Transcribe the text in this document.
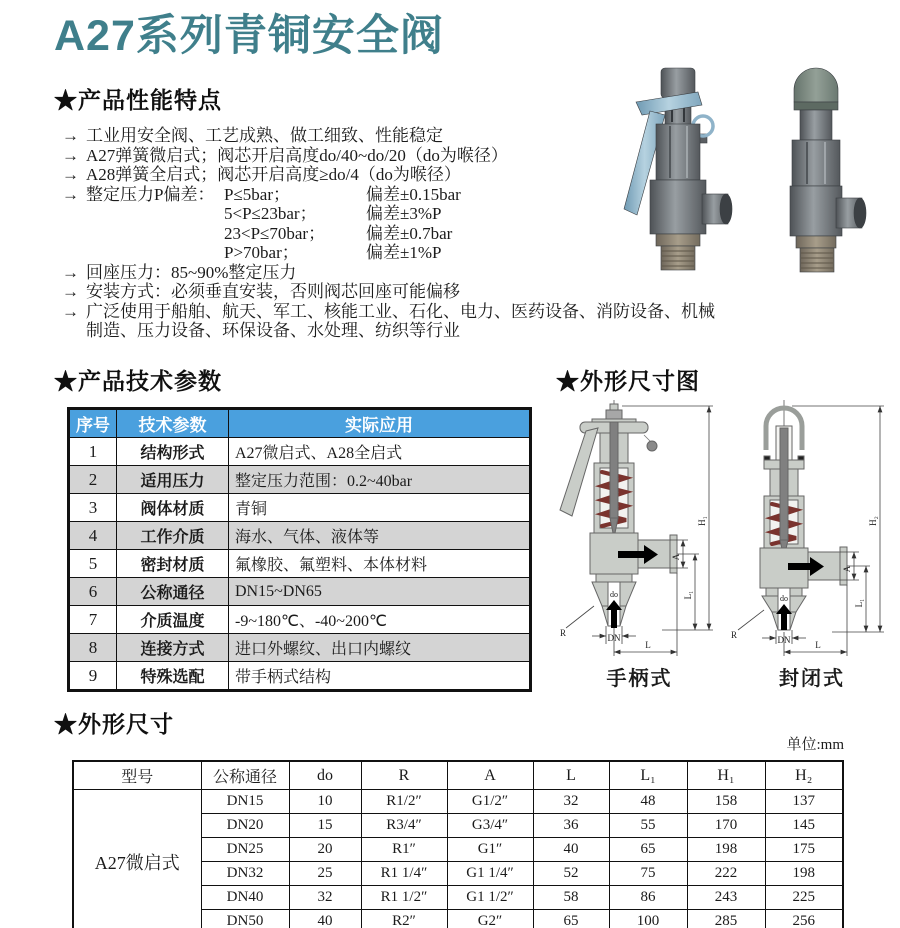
A27系列青铜安全阀
★产品性能特点
→ 工业用安全阀、工艺成熟、做工细致、性能稳定
→ A27弹簧微启式；阀芯开启高度do/40~do/20（do为喉径）
→ A28弹簧全启式；阀芯开启高度≥do/4（do为喉径）
→ 整定压力P偏差： P≤5bar；	偏差±0.15bar
5<P≤23bar；	偏差±3%P
23<P≤70bar；	偏差±0.7bar
P>70bar；	偏差±1%P
→ 回座压力：85~90%整定压力
→ 安装方式：必须垂直安装，否则阀芯回座可能偏移
→ 广泛使用于船舶、航天、军工、核能工业、石化、电力、医药设备、消防设备、机械
制造、压力设备、环保设备、水处理、纺织等行业
★产品技术参数	★外形尺寸图
序号	技术参数	实际应用
1	结构形式	A27微启式、A28全启式
2	适用压力	整定压力范围：0.2~40bar
3	阀体材质	青铜
4	工作介质	海水、气体、液体等
5	密封材质	氟橡胶、氟塑料、本体材料
6	公称通径	DN15~DN65
7	介质温度	-9~180℃、-40~200℃
8	连接方式	进口外螺纹、出口内螺纹
9	特殊选配	带手柄式结构
H₁
A
L₁
L
DN
do
R
H₂
A
L₁
L
DN
do
R
手柄式	封闭式
★外形尺寸
单位:mm
型号	公称通径	do	R	A	L	L₁	H₁	H₂
A27微启式	DN15	10	R1/2″	G1/2″	32	48	158	137
	DN20	15	R3/4″	G3/4″	36	55	170	145
	DN25	20	R1″	G1″	40	65	198	175
	DN32	25	R1 1/4″	G1 1/4″	52	75	222	198
	DN40	32	R1 1/2″	G1 1/2″	58	86	243	225
	DN50	40	R2″	G2″	65	100	285	256
